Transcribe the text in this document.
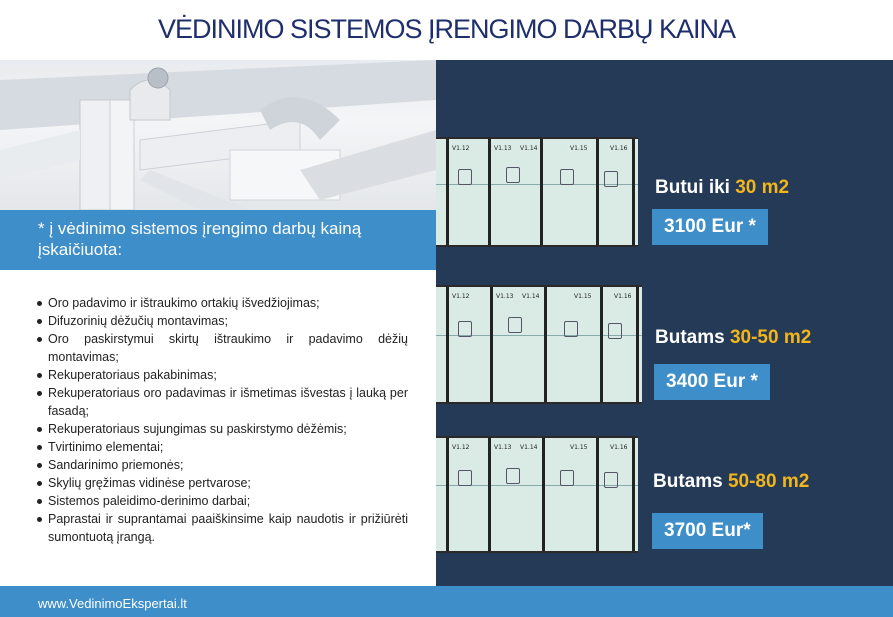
VĖDINIMO SISTEMOS ĮRENGIMO DARBŲ KAINA
* į vėdinimo sistemos įrengimo darbų kainą įskaičiuota:
Oro padavimo ir ištraukimo ortakių išvedžiojimas;
Difuzorinių dėžučių montavimas;
Oro paskirstymui skirtų ištraukimo ir padavimo dėžių montavimas;
Rekuperatoriaus pakabinimas;
Rekuperatoriaus oro padavimas ir išmetimas išvestas į lauką per fasadą;
Rekuperatoriaus sujungimas su paskirstymo dėžėmis;
Tvirtinimo elementai;
Sandarinimo priemonės;
Skylių gręžimas vidinėse pertvarose;
Sistemos paleidimo-derinimo darbai;
Paprastai ir suprantamai paaiškinsime kaip naudotis ir prižiūrėti sumontuotą įrangą.
V1.12	V1.13 V1.14	V1.15	V1.16
Butui iki 30 m2
3100 Eur *
V1.12	V1.13 V1.14	V1.15	V1.16
Butams 30-50 m2
3400 Eur *
V1.12	V1.13 V1.14	V1.15	V1.16
Butams 50-80 m2
3700 Eur*
www.VedinimoEkspertai.lt
